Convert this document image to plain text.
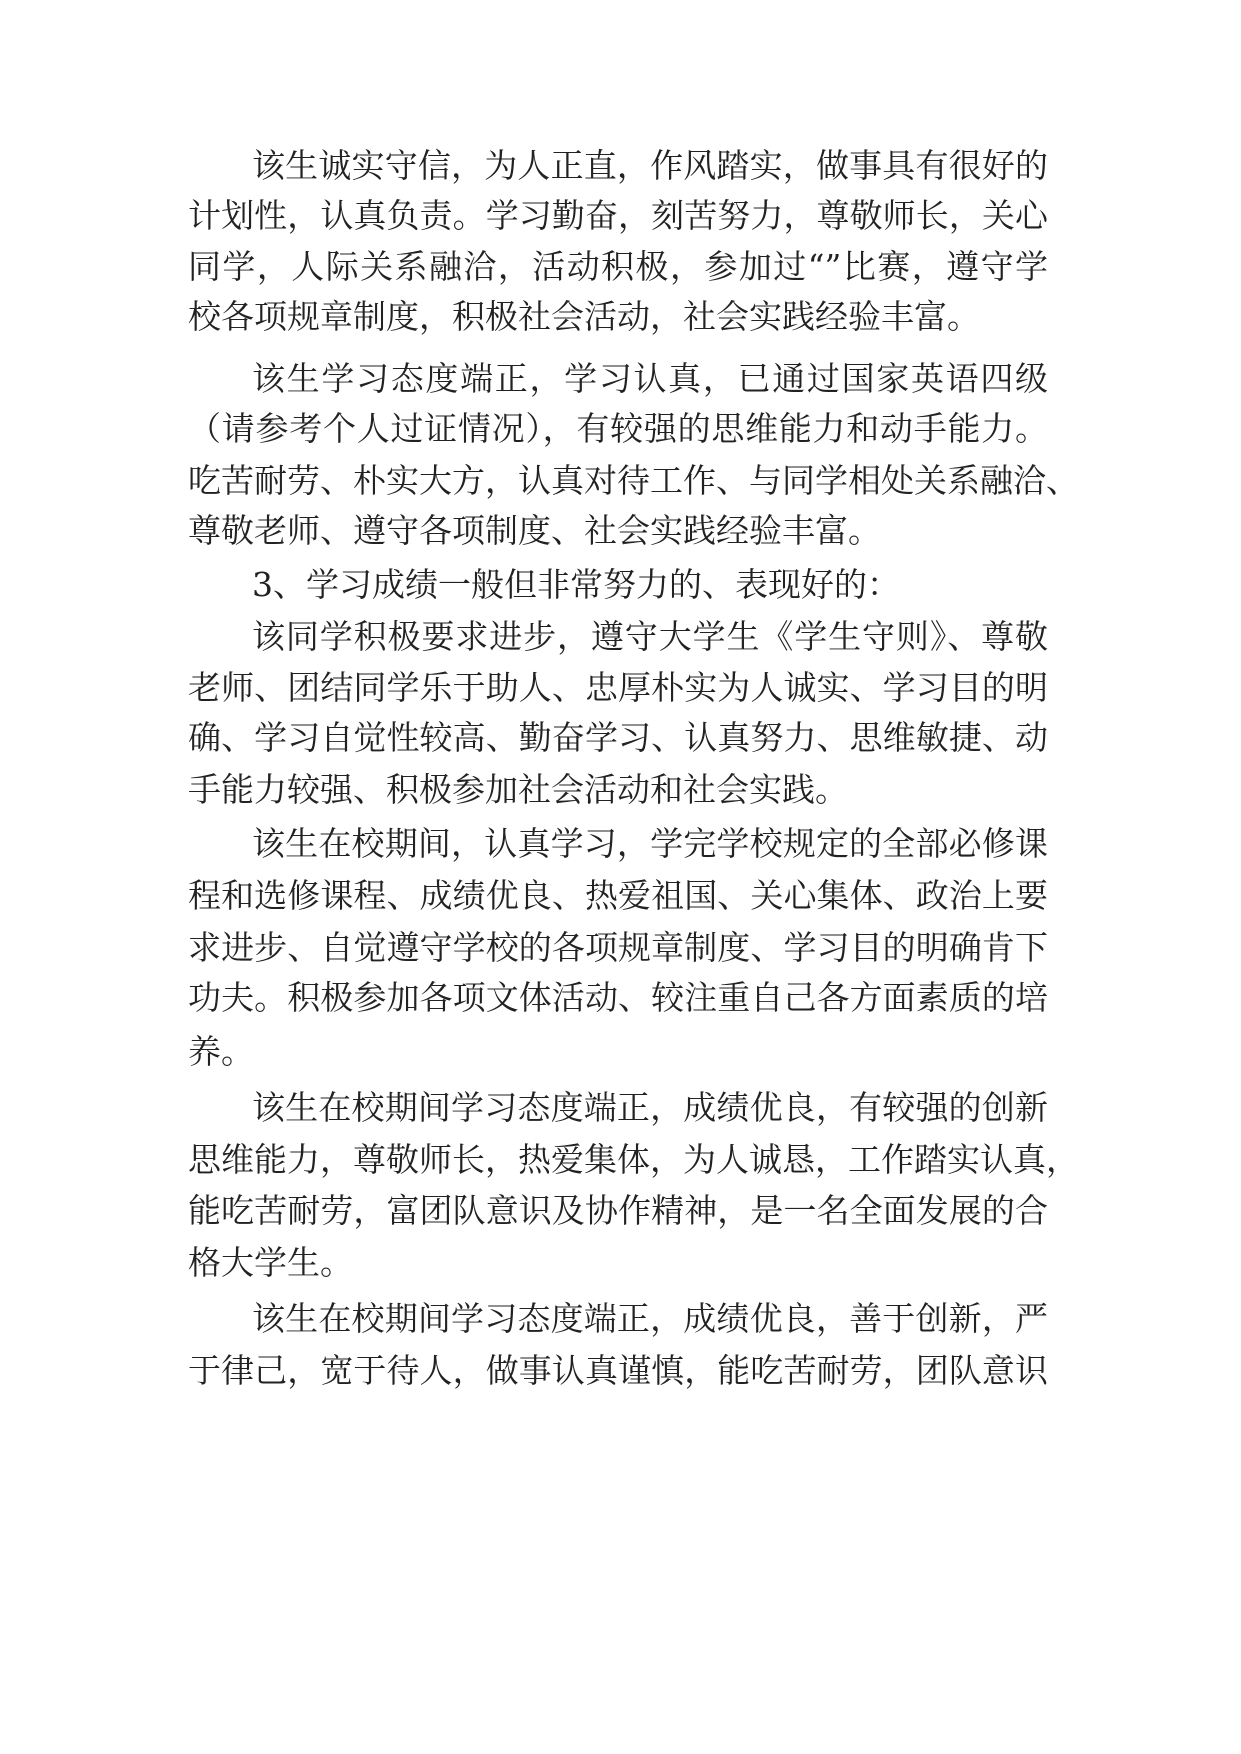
该生诚实守信，为人正直，作风踏实，做事具有很好的
计划性，认真负责。学习勤奋，刻苦努力，尊敬师长，关心
同学，人际关系融洽，活动积极，参加过“”比赛，遵守学
校各项规章制度，积极社会活动，社会实践经验丰富。
该生学习态度端正，学习认真，已通过国家英语四级
（请参考个人过证情况），有较强的思维能力和动手能力。
吃苦耐劳、朴实大方，认真对待工作、与同学相处关系融洽、
尊敬老师、遵守各项制度、社会实践经验丰富。
3、学习成绩一般但非常努力的、表现好的：
该同学积极要求进步，遵守大学生《学生守则》、尊敬
老师、团结同学乐于助人、忠厚朴实为人诚实、学习目的明
确、学习自觉性较高、勤奋学习、认真努力、思维敏捷、动
手能力较强、积极参加社会活动和社会实践。
该生在校期间，认真学习，学完学校规定的全部必修课
程和选修课程、成绩优良、热爱祖国、关心集体、政治上要
求进步、自觉遵守学校的各项规章制度、学习目的明确肯下
功夫。积极参加各项文体活动、较注重自己各方面素质的培
养。
该生在校期间学习态度端正，成绩优良，有较强的创新
思维能力，尊敬师长，热爱集体，为人诚恳，工作踏实认真，
能吃苦耐劳，富团队意识及协作精神，是一名全面发展的合
格大学生。
该生在校期间学习态度端正，成绩优良，善于创新，严
于律己，宽于待人，做事认真谨慎，能吃苦耐劳，团队意识
